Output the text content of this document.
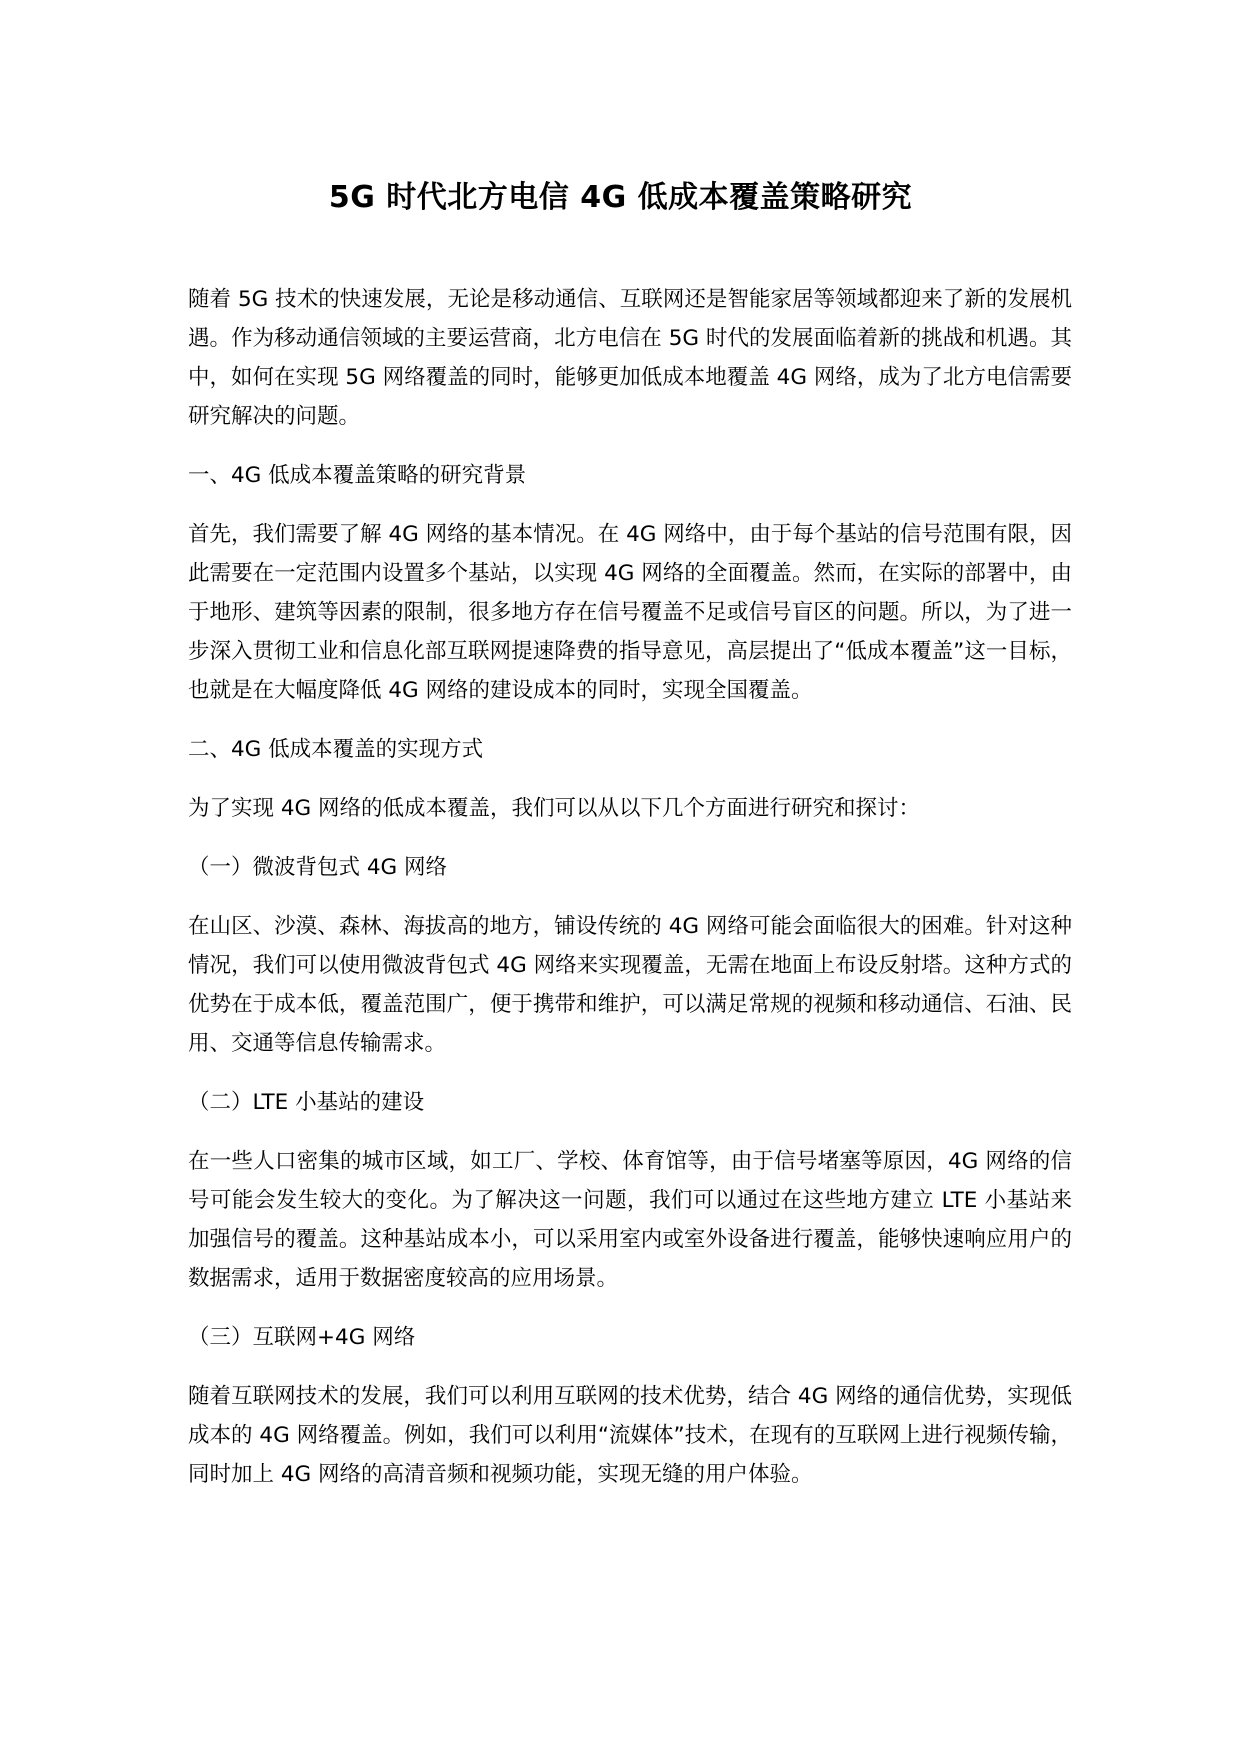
5G 时代北方电信 4G 低成本覆盖策略研究

随着 5G 技术的快速发展，无论是移动通信、互联网还是智能家居等领域都迎来了新的发展机遇。作为移动通信领域的主要运营商，北方电信在 5G 时代的发展面临着新的挑战和机遇。其中，如何在实现 5G 网络覆盖的同时，能够更加低成本地覆盖 4G 网络，成为了北方电信需要研究解决的问题。

一、4G 低成本覆盖策略的研究背景

首先，我们需要了解 4G 网络的基本情况。在 4G 网络中，由于每个基站的信号范围有限，因此需要在一定范围内设置多个基站，以实现 4G 网络的全面覆盖。然而，在实际的部署中，由于地形、建筑等因素的限制，很多地方存在信号覆盖不足或信号盲区的问题。所以，为了进一步深入贯彻工业和信息化部互联网提速降费的指导意见，高层提出了“低成本覆盖”这一目标，也就是在大幅度降低 4G 网络的建设成本的同时，实现全国覆盖。

二、4G 低成本覆盖的实现方式

为了实现 4G 网络的低成本覆盖，我们可以从以下几个方面进行研究和探讨：

（一）微波背包式 4G 网络

在山区、沙漠、森林、海拔高的地方，铺设传统的 4G 网络可能会面临很大的困难。针对这种情况，我们可以使用微波背包式 4G 网络来实现覆盖，无需在地面上布设反射塔。这种方式的优势在于成本低，覆盖范围广，便于携带和维护，可以满足常规的视频和移动通信、石油、民用、交通等信息传输需求。

（二）LTE 小基站的建设

在一些人口密集的城市区域，如工厂、学校、体育馆等，由于信号堵塞等原因，4G 网络的信号可能会发生较大的变化。为了解决这一问题，我们可以通过在这些地方建立 LTE 小基站来加强信号的覆盖。这种基站成本小，可以采用室内或室外设备进行覆盖，能够快速响应用户的数据需求，适用于数据密度较高的应用场景。

（三）互联网+4G 网络

随着互联网技术的发展，我们可以利用互联网的技术优势，结合 4G 网络的通信优势，实现低成本的 4G 网络覆盖。例如，我们可以利用“流媒体”技术，在现有的互联网上进行视频传输，同时加上 4G 网络的高清音频和视频功能，实现无缝的用户体验。
